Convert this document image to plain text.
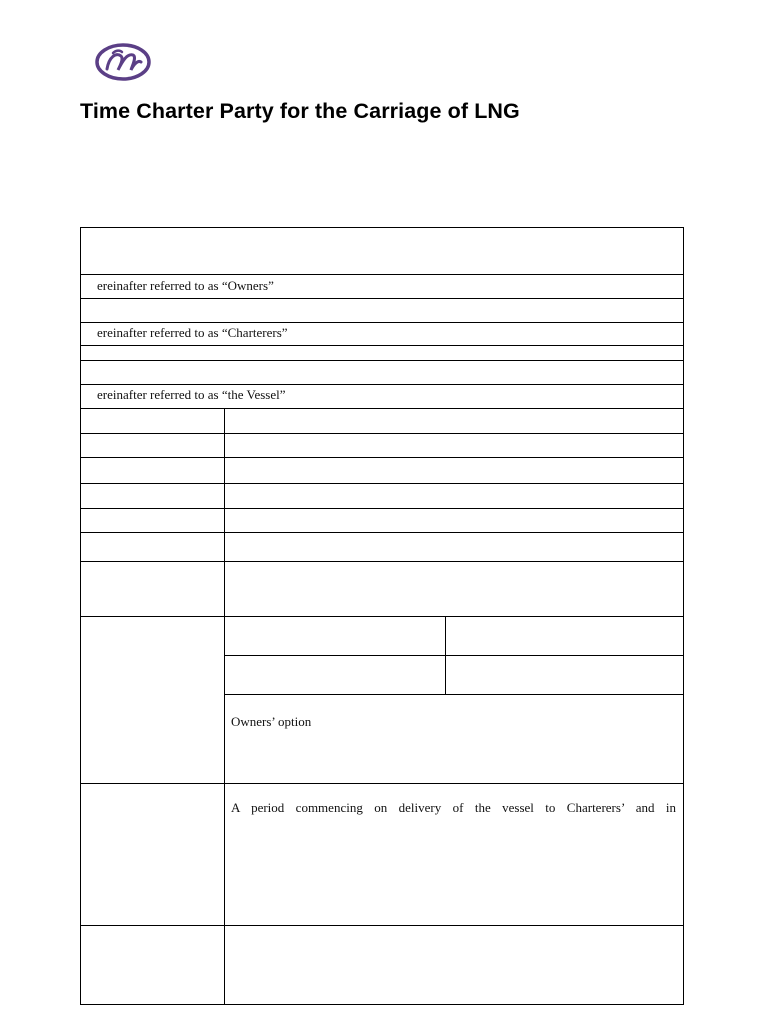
Time Charter Party for the Carriage of LNG
ereinafter referred to as “Owners”
ereinafter referred to as “Charterers”
ereinafter referred to as “the Vessel”
Owners’ option
A period commencing on delivery of the vessel to Charterers’ and in
